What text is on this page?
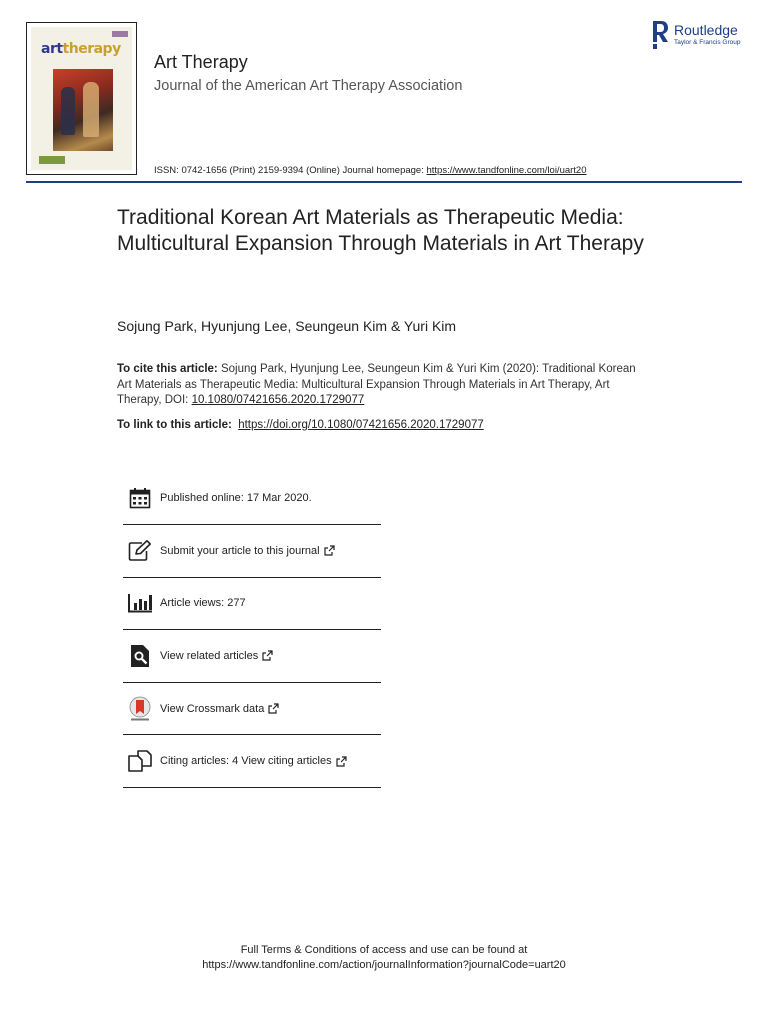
arttherapy
Art Therapy
Journal of the American Art Therapy Association
ISSN: 0742-1656 (Print) 2159-9394 (Online) Journal homepage: https://www.tandfonline.com/loi/uart20
Routledge
Taylor & Francis Group
Traditional Korean Art Materials as Therapeutic Media: Multicultural Expansion Through Materials in Art Therapy
Sojung Park, Hyunjung Lee, Seungeun Kim & Yuri Kim
To cite this article: Sojung Park, Hyunjung Lee, Seungeun Kim & Yuri Kim (2020): Traditional Korean Art Materials as Therapeutic Media: Multicultural Expansion Through Materials in Art Therapy, Art Therapy, DOI: 10.1080/07421656.2020.1729077
To link to this article: https://doi.org/10.1080/07421656.2020.1729077
Published online: 17 Mar 2020.
Submit your article to this journal
Article views: 277
View related articles
View Crossmark data
Citing articles: 4 View citing articles
Full Terms & Conditions of access and use can be found at
https://www.tandfonline.com/action/journalInformation?journalCode=uart20
